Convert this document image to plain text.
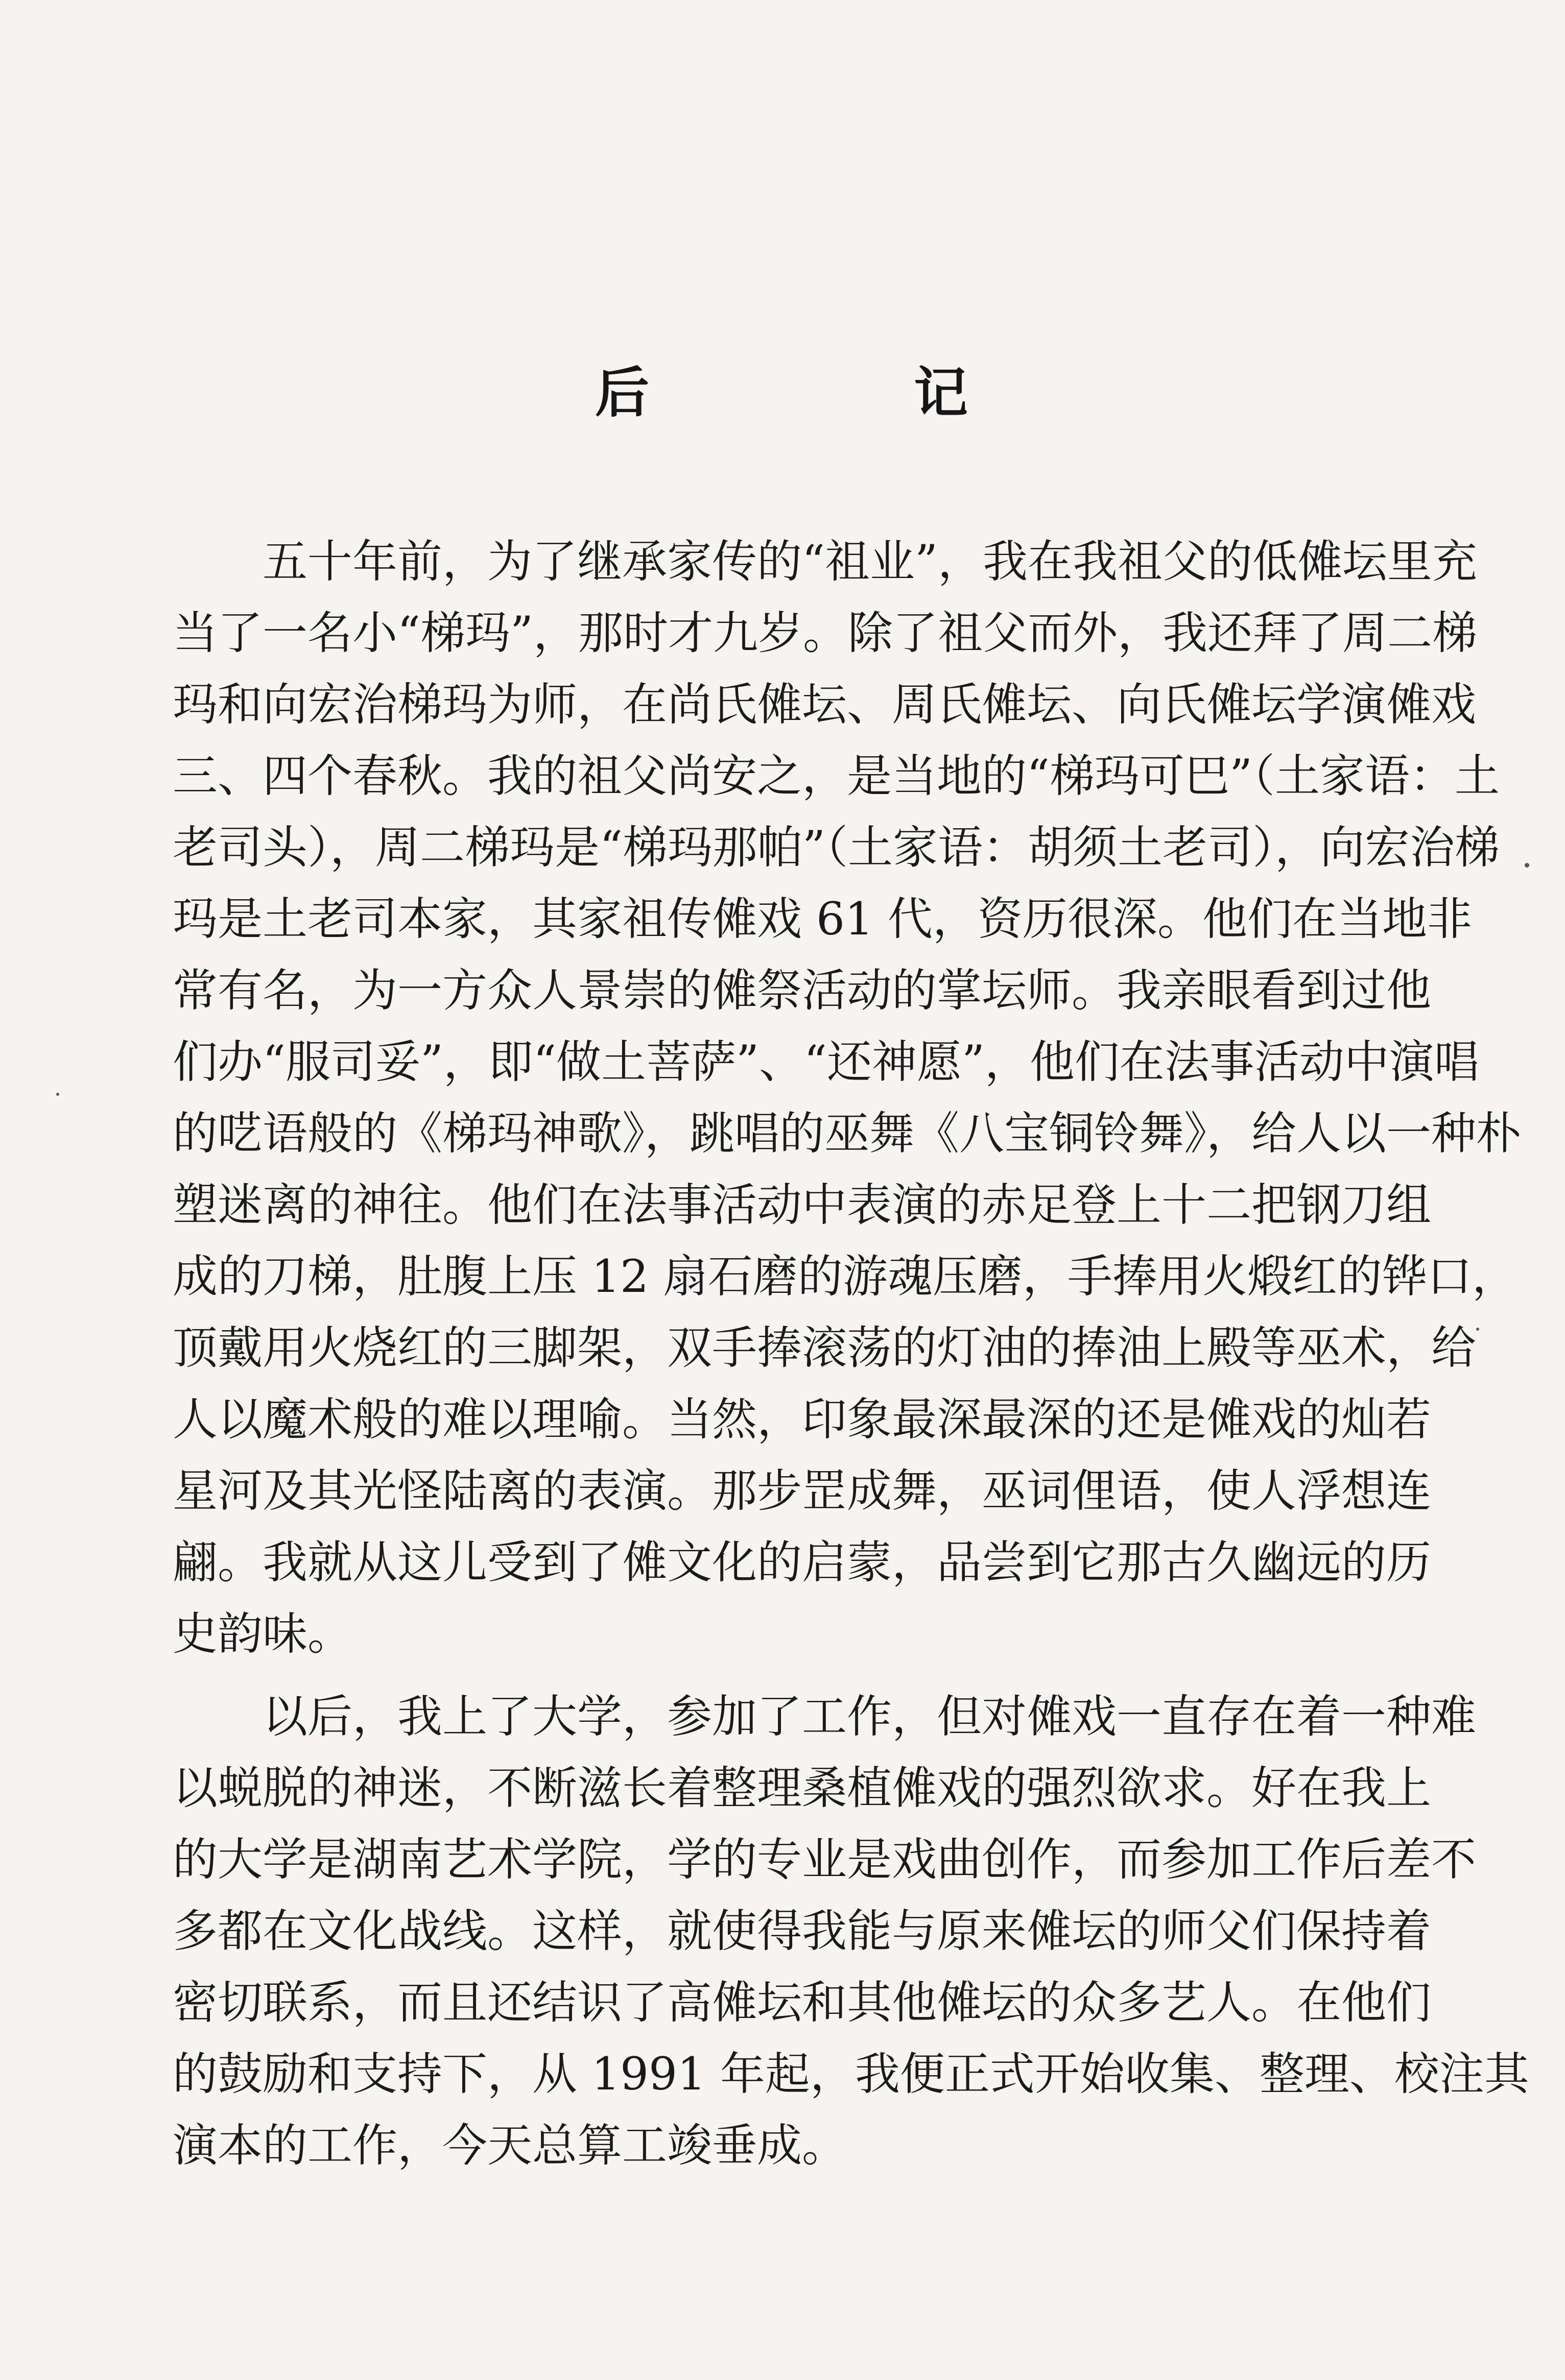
后	记
五十年前，为了继承家传的“祖业”，我在我祖父的低傩坛里充
当了一名小“梯玛”，那时才九岁。除了祖父而外，我还拜了周二梯
玛和向宏治梯玛为师，在尚氏傩坛、周氏傩坛、向氏傩坛学演傩戏
三、四个春秋。我的祖父尚安之，是当地的“梯玛可巴”（土家语：土
老司头），周二梯玛是“梯玛那帕”（土家语：胡须土老司），向宏治梯
玛是土老司本家，其家祖传傩戏 61 代，资历很深。他们在当地非
常有名，为一方众人景崇的傩祭活动的掌坛师。我亲眼看到过他
们办“服司妥”，即“做土菩萨”、“还神愿”，他们在法事活动中演唱
的呓语般的《梯玛神歌》，跳唱的巫舞《八宝铜铃舞》，给人以一种朴
塑迷离的神往。他们在法事活动中表演的赤足登上十二把钢刀组
成的刀梯，肚腹上压 12 扇石磨的游魂压磨，手捧用火煅红的铧口，
顶戴用火烧红的三脚架，双手捧滚荡的灯油的捧油上殿等巫术，给
人以魔术般的难以理喻。当然，印象最深最深的还是傩戏的灿若
星河及其光怪陆离的表演。那步罡成舞，巫词俚语，使人浮想连
翩。我就从这儿受到了傩文化的启蒙，品尝到它那古久幽远的历
史韵味。
以后，我上了大学，参加了工作，但对傩戏一直存在着一种难
以蜕脱的神迷，不断滋长着整理桑植傩戏的强烈欲求。好在我上
的大学是湖南艺术学院，学的专业是戏曲创作，而参加工作后差不
多都在文化战线。这样，就使得我能与原来傩坛的师父们保持着
密切联系，而且还结识了高傩坛和其他傩坛的众多艺人。在他们
的鼓励和支持下，从 1991 年起，我便正式开始收集、整理、校注其
演本的工作，今天总算工竣垂成。
